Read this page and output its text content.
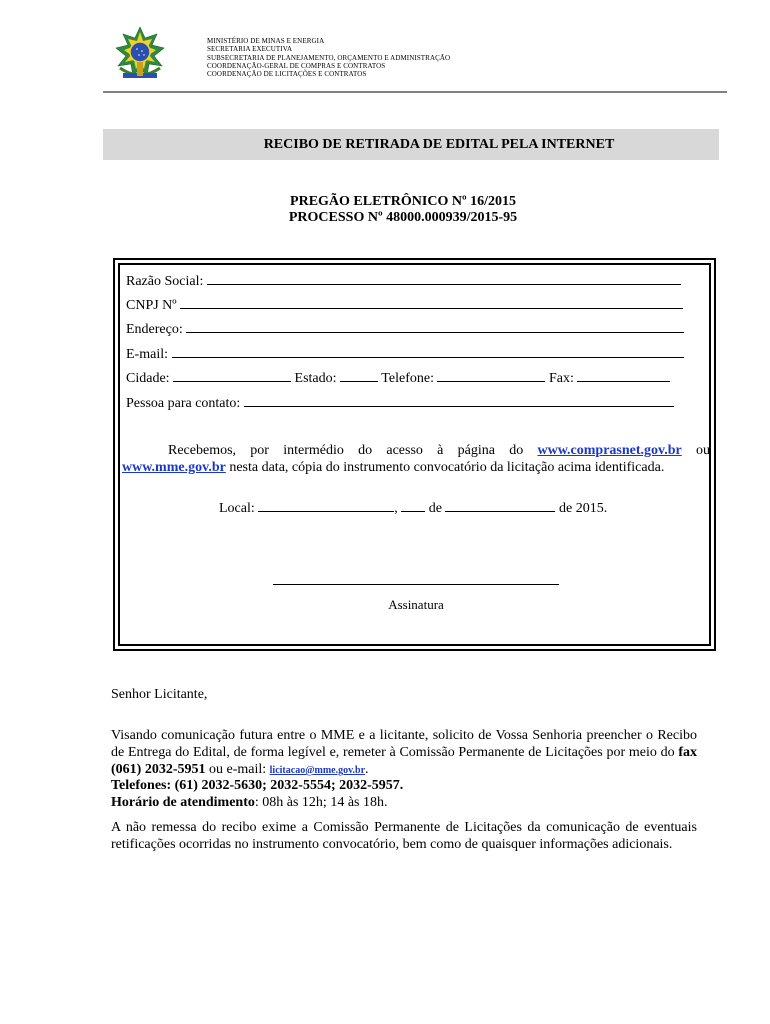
MINISTÉRIO DE MINAS E ENERGIA
SECRETARIA EXECUTIVA
SUBSECRETARIA DE PLANEJAMENTO, ORÇAMENTO E ADMINISTRAÇÃO
COORDENAÇÃO-GERAL DE COMPRAS E CONTRATOS
COORDENAÇÃO DE LICITAÇÕES E CONTRATOS
RECIBO DE RETIRADA DE EDITAL PELA INTERNET
PREGÃO ELETRÔNICO Nº 16/2015
PROCESSO Nº 48000.000939/2015-95
Razão Social:
CNPJ Nº
Endereço:
E-mail:
Cidade:	Estado:	Telefone:	Fax:
Pessoa para contato:
Recebemos, por intermédio do acesso à página do www.comprasnet.gov.br ou www.mme.gov.br nesta data, cópia do instrumento convocatório da licitação acima identificada.
Local:	,  de	de 2015.
Assinatura
Senhor Licitante,
Visando comunicação futura entre o MME e a licitante, solicito de Vossa Senhoria preencher o Recibo de Entrega do Edital, de forma legível e, remeter à Comissão Permanente de Licitações por meio do fax (061) 2032-5951 ou e-mail: licitacao@mme.gov.br.
Telefones: (61) 2032-5630; 2032-5554; 2032-5957.
Horário de atendimento: 08h às 12h; 14 às 18h.
A não remessa do recibo exime a Comissão Permanente de Licitações da comunicação de eventuais retificações ocorridas no instrumento convocatório, bem como de quaisquer informações adicionais.
